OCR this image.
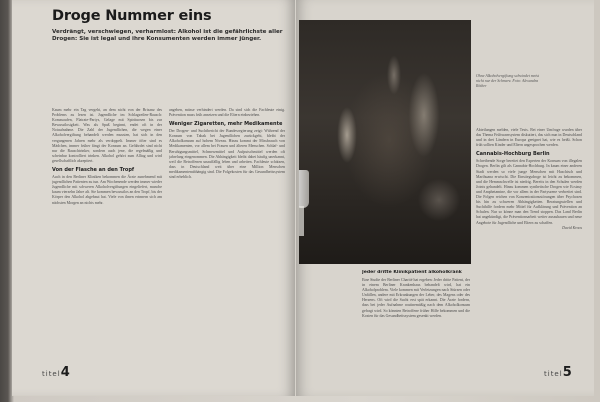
Droge Nummer eins

Verdrängt, verschwiegen, verharmlost: Alkohol ist die gefährlichste aller Drogen: Sie ist legal und ihre Konsumenten werden immer jünger.

Kaum mehr ein Tag vergeht, an dem nicht von der Brisanz des Problems zu lesen ist. Jugendliche im Schlagzeilen-Rausch: Komasaufen, Flatrate-Partys, Gelage mit Spirituosen bis zur Bewusstlosigkeit. Was als Spaß beginnt, endet oft in der Notaufnahme. Die Zahl der Jugendlichen, die wegen einer Alkoholvergiftung behandelt werden mussten, hat sich in den vergangenen Jahren mehr als verdoppelt. Immer öfter sind es Mädchen, immer früher fängt der Konsum an. Gefährdet sind nicht nur die Rauschtrinker, sondern auch jene, die regelmäßig und scheinbar kontrolliert trinken. Alkohol gehört zum Alltag und wird gesellschaftlich akzeptiert.

Von der Flasche an den Tropf

Auch in den Berliner Kliniken bekommen die Ärzte zunehmend mit jugendlichen Patienten zu tun. Am Wochenende werden immer wieder Jugendliche mit schweren Alkoholvergiftungen eingeliefert, manche kaum vierzehn Jahre alt. Sie kommen bewusstlos an den Tropf, bis der Körper den Alkohol abgebaut hat. Viele von ihnen erinnern sich am nächsten Morgen an nichts mehr.

angehen, müsse verhindert werden. Da sind sich die Fachleute einig. Prävention muss früh ansetzen und die Eltern einbeziehen.

Weniger Zigaretten, mehr Medikamente

Der Drogen- und Suchtbericht der Bundesregierung zeigt: Während der Konsum von Tabak bei Jugendlichen zurückgeht, bleibt der Alkoholkonsum auf hohem Niveau. Hinzu kommt der Missbrauch von Medikamenten, vor allem bei Frauen und älteren Menschen. Schlaf- und Beruhigungsmittel, Schmerzmittel und Aufputschmittel werden oft jahrelang eingenommen. Die Abhängigkeit bleibt dabei häufig unerkannt, weil die Betroffenen unauffällig leben und arbeiten. Fachleute schätzen, dass in Deutschland weit über eine Million Menschen medikamentenabhängig sind. Die Folgekosten für das Gesundheitssystem sind erheblich.

titel4

Ohne Alkoholvergiftung schwindet meist nicht nur der Schmerz. Foto: Alexandra Röther

Abteilungen melden, viele Tests. Bei einer Umfrage wurden über das Thema Frühwarnsystem diskutiert, das sich nun in Deutschland und in drei Ländern in Europa geeignet hat, wie es heißt. Schon früh sollten Kinder und Eltern angesprochen werden.

Cannabis-Hochburg Berlin

Schreibende Sorge bereitet den Experten der Konsum von illegalen Drogen. Berlin gilt als Cannabis-Hochburg. In kaum einer anderen Stadt werden so viele junge Menschen mit Haschisch und Marihuana erwischt. Die Einstiegsdroge ist leicht zu bekommen, und die Hemmschwelle ist niedrig. Bereits in den Schulen werden Joints gehandelt. Hinzu kommen synthetische Drogen wie Ecstasy und Amphetamine, die vor allem in der Partyszene verbreitet sind. Die Folgen reichen von Konzentrationsstörungen über Psychosen bis hin zu schweren Abhängigkeiten. Beratungsstellen und Suchthilfe fordern mehr Mittel für Aufklärung und Prävention an Schulen. Nur so könne man den Trend stoppen. Das Land Berlin hat angekündigt, die Präventionsarbeit weiter auszubauen und neue Angebote für Jugendliche und Eltern zu schaffen.

David Kroos

Jeder dritte Klinikpatient alkoholkrank

Eine Studie der Berliner Charité hat ergeben: Jeder dritte Patient, der in einem Berliner Krankenhaus behandelt wird, hat ein Alkoholproblem. Viele kommen mit Verletzungen nach Stürzen oder Unfällen, andere mit Erkrankungen der Leber, des Magens oder des Herzens. Oft wird die Sucht erst spät erkannt. Die Ärzte fordern, dass bei jeder Aufnahme routinemäßig nach dem Alkoholkonsum gefragt wird. So könnten Betroffene früher Hilfe bekommen und die Kosten für das Gesundheitssystem gesenkt werden.

titel5
